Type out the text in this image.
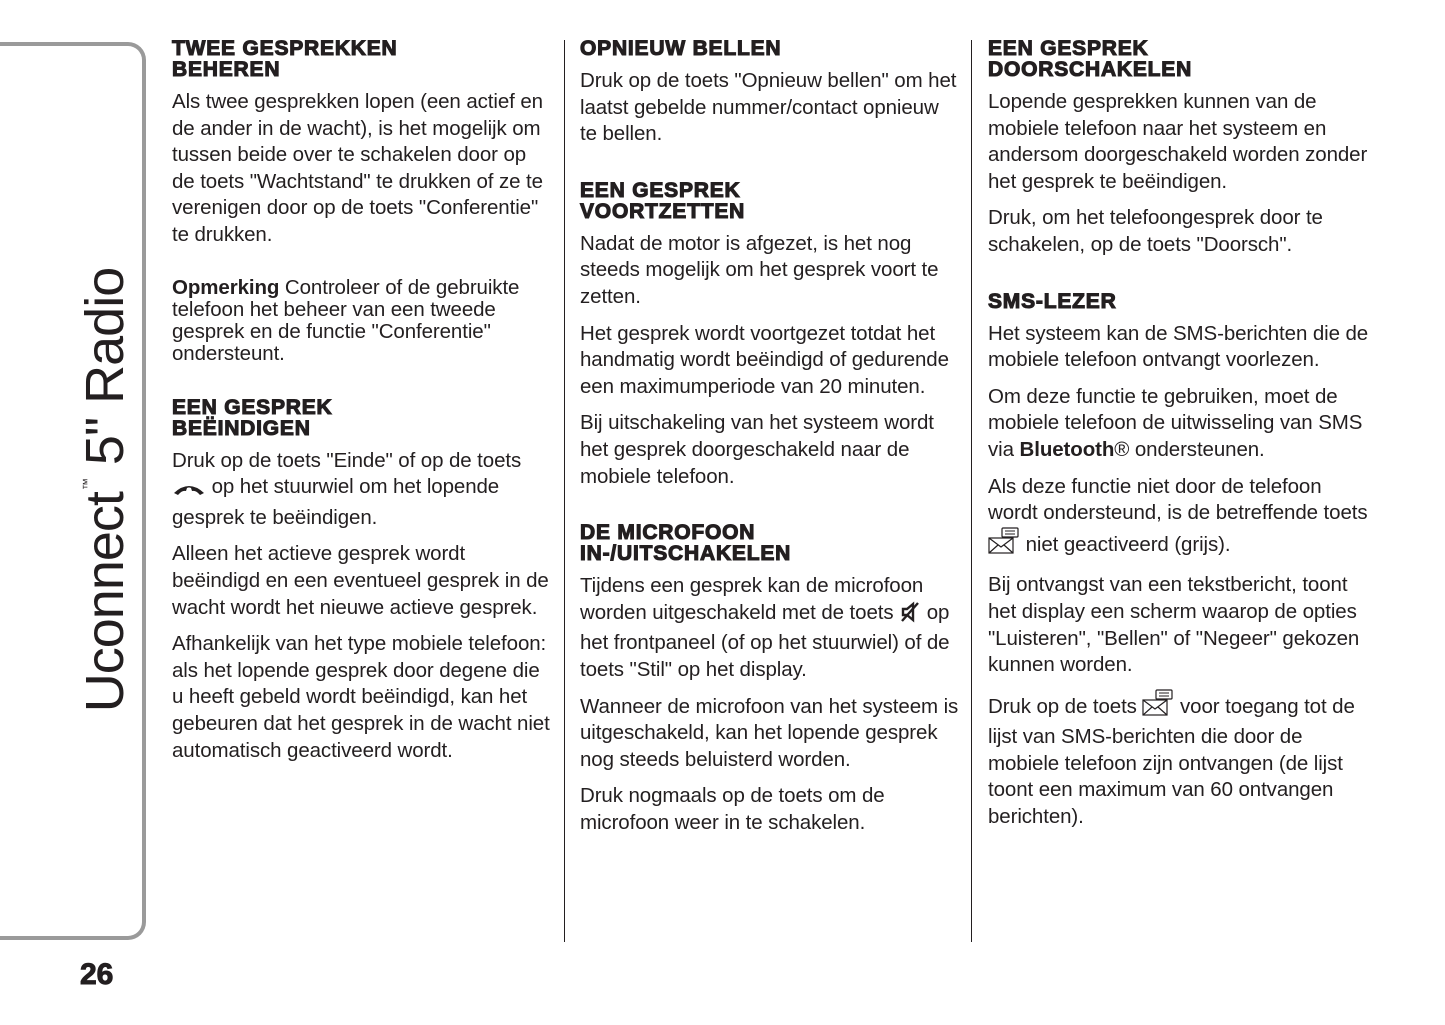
Uconnect™ 5" Radio
26
TWEE GESPREKKEN
BEHEREN

Als twee gesprekken lopen (een actief en de ander in de wacht), is het mogelijk om tussen beide over te schakelen door op de toets "Wachtstand" te drukken of ze te verenigen door op de toets "Conferentie" te drukken.

Opmerking Controleer of de gebruikte telefoon het beheer van een tweede gesprek en de functie "Conferentie" ondersteunt.

EEN GESPREK
BEËINDIGEN

Druk op de toets "Einde" of op de toets  op het stuurwiel om het lopende gesprek te beëindigen.

Alleen het actieve gesprek wordt beëindigd en een eventueel gesprek in de wacht wordt het nieuwe actieve gesprek.

Afhankelijk van het type mobiele telefoon: als het lopende gesprek door degene die u heeft gebeld wordt beëindigd, kan het gebeuren dat het gesprek in de wacht niet automatisch geactiveerd wordt.

OPNIEUW BELLEN

Druk op de toets "Opnieuw bellen" om het laatst gebelde nummer/contact opnieuw te bellen.

EEN GESPREK
VOORTZETTEN

Nadat de motor is afgezet, is het nog steeds mogelijk om het gesprek voort te zetten.

Het gesprek wordt voortgezet totdat het handmatig wordt beëindigd of gedurende een maximumperiode van 20 minuten.

Bij uitschakeling van het systeem wordt het gesprek doorgeschakeld naar de mobiele telefoon.

DE MICROFOON
IN-/UITSCHAKELEN

Tijdens een gesprek kan de microfoon worden uitgeschakeld met de toets  op het frontpaneel (of op het stuurwiel) of de toets "Stil" op het display.

Wanneer de microfoon van het systeem is uitgeschakeld, kan het lopende gesprek nog steeds beluisterd worden.

Druk nogmaals op de toets om de microfoon weer in te schakelen.

EEN GESPREK
DOORSCHAKELEN

Lopende gesprekken kunnen van de mobiele telefoon naar het systeem en andersom doorgeschakeld worden zonder het gesprek te beëindigen.

Druk, om het telefoongesprek door te schakelen, op de toets "Doorsch".

SMS-LEZER

Het systeem kan de SMS-berichten die de mobiele telefoon ontvangt voorlezen.

Om deze functie te gebruiken, moet de mobiele telefoon de uitwisseling van SMS via Bluetooth® ondersteunen.

Als deze functie niet door de telefoon wordt ondersteund, is de betreffende toets  niet geactiveerd (grijs).

Bij ontvangst van een tekstbericht, toont het display een scherm waarop de opties "Luisteren", "Bellen" of "Negeer" gekozen kunnen worden.

Druk op de toets  voor toegang tot de lijst van SMS-berichten die door de mobiele telefoon zijn ontvangen (de lijst toont een maximum van 60 ontvangen berichten).
